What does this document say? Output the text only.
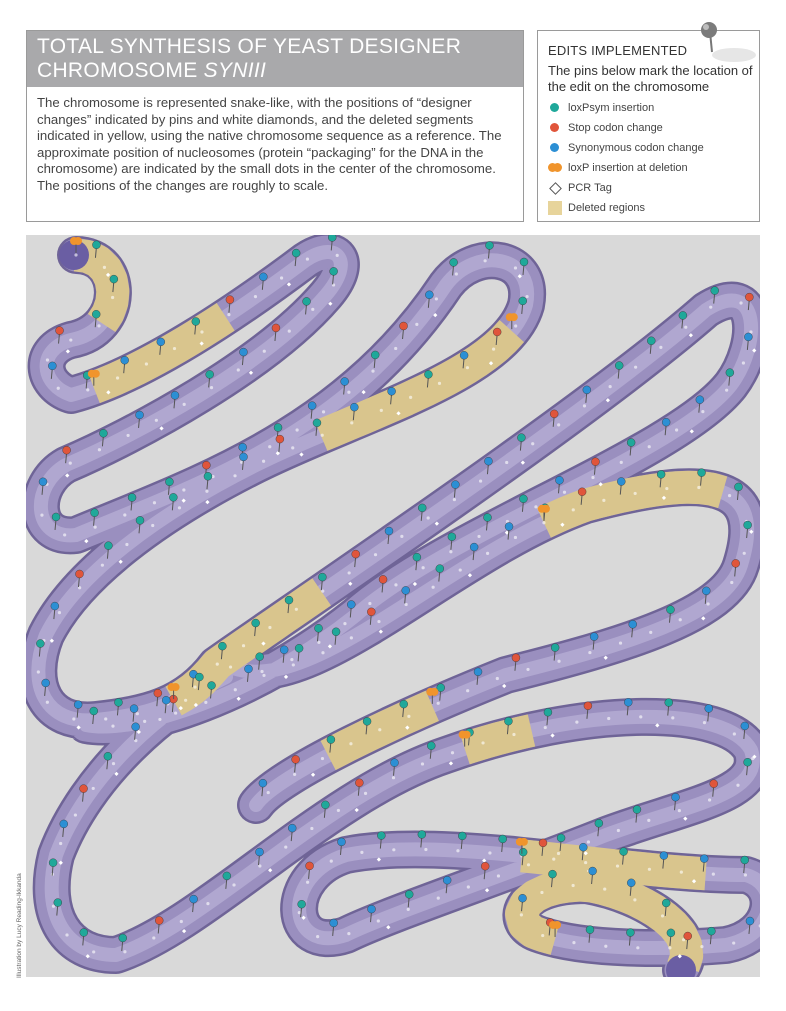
TOTAL SYNTHESIS OF YEAST DESIGNER
CHROMOSOME SYNIII
The chromosome is represented snake-like, with the positions of “designer changes” indicated by pins and white diamonds, and the deleted segments indicated in yellow, using the native chromosome sequence as a reference. The approximate position of nucleosomes (protein “packaging” for the DNA in the chromosome) are indicated by the small dots in the center of the chromosome. The positions of the changes are roughly to scale.
EDITS IMPLEMENTED
The pins below mark the location of the edit on the chromosome
loxPsym insertion
Stop codon change
Synonymous codon change
loxP insertion at deletion
PCR Tag
Deleted regions
Illustration by Lucy Reading-Ikkanda
